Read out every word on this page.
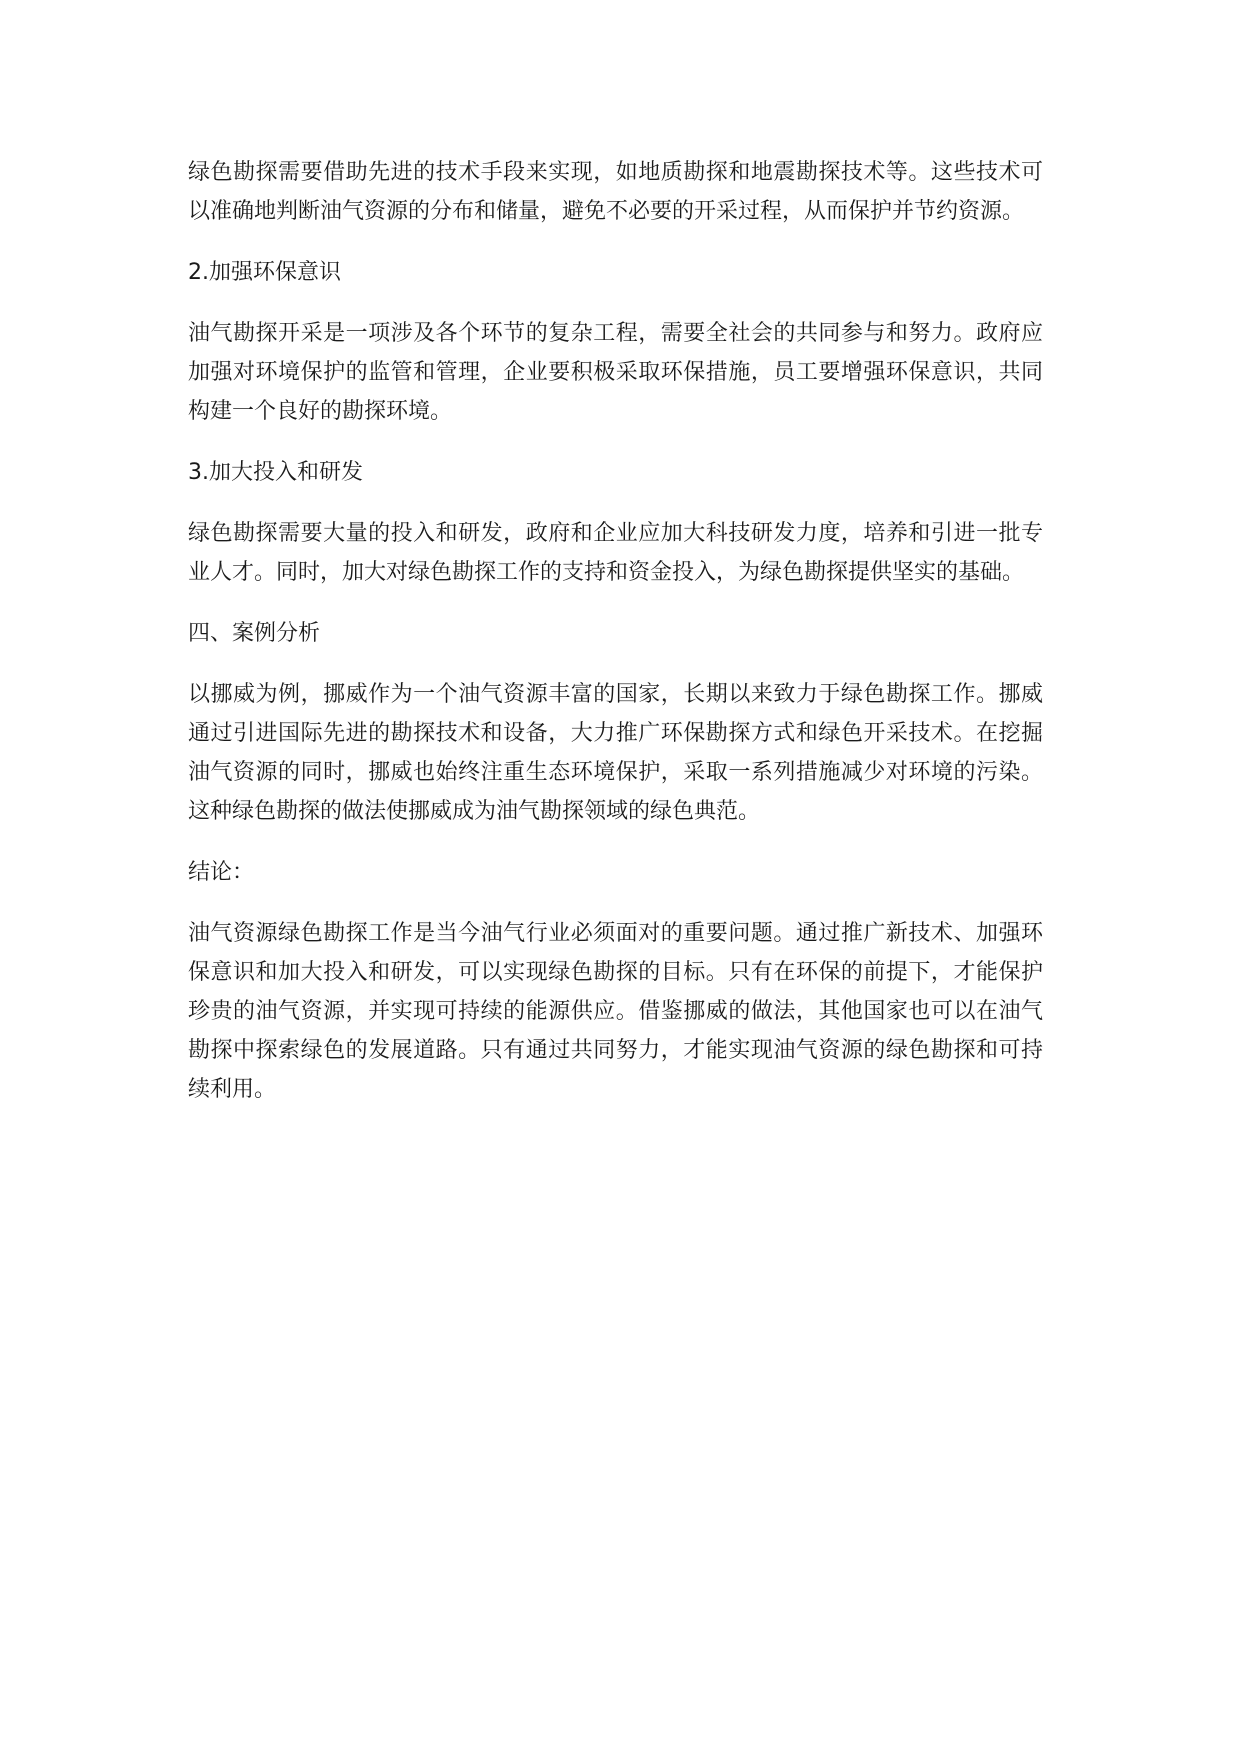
绿色勘探需要借助先进的技术手段来实现，如地质勘探和地震勘探技术等。这些技术可以准确地判断油气资源的分布和储量，避免不必要的开采过程，从而保护并节约资源。

2.加强环保意识

油气勘探开采是一项涉及各个环节的复杂工程，需要全社会的共同参与和努力。政府应加强对环境保护的监管和管理，企业要积极采取环保措施，员工要增强环保意识，共同构建一个良好的勘探环境。

3.加大投入和研发

绿色勘探需要大量的投入和研发，政府和企业应加大科技研发力度，培养和引进一批专业人才。同时，加大对绿色勘探工作的支持和资金投入，为绿色勘探提供坚实的基础。

四、案例分析

以挪威为例，挪威作为一个油气资源丰富的国家，长期以来致力于绿色勘探工作。挪威通过引进国际先进的勘探技术和设备，大力推广环保勘探方式和绿色开采技术。在挖掘油气资源的同时，挪威也始终注重生态环境保护，采取一系列措施减少对环境的污染。这种绿色勘探的做法使挪威成为油气勘探领域的绿色典范。

结论：

油气资源绿色勘探工作是当今油气行业必须面对的重要问题。通过推广新技术、加强环保意识和加大投入和研发，可以实现绿色勘探的目标。只有在环保的前提下，才能保护珍贵的油气资源，并实现可持续的能源供应。借鉴挪威的做法，其他国家也可以在油气勘探中探索绿色的发展道路。只有通过共同努力，才能实现油气资源的绿色勘探和可持续利用。
